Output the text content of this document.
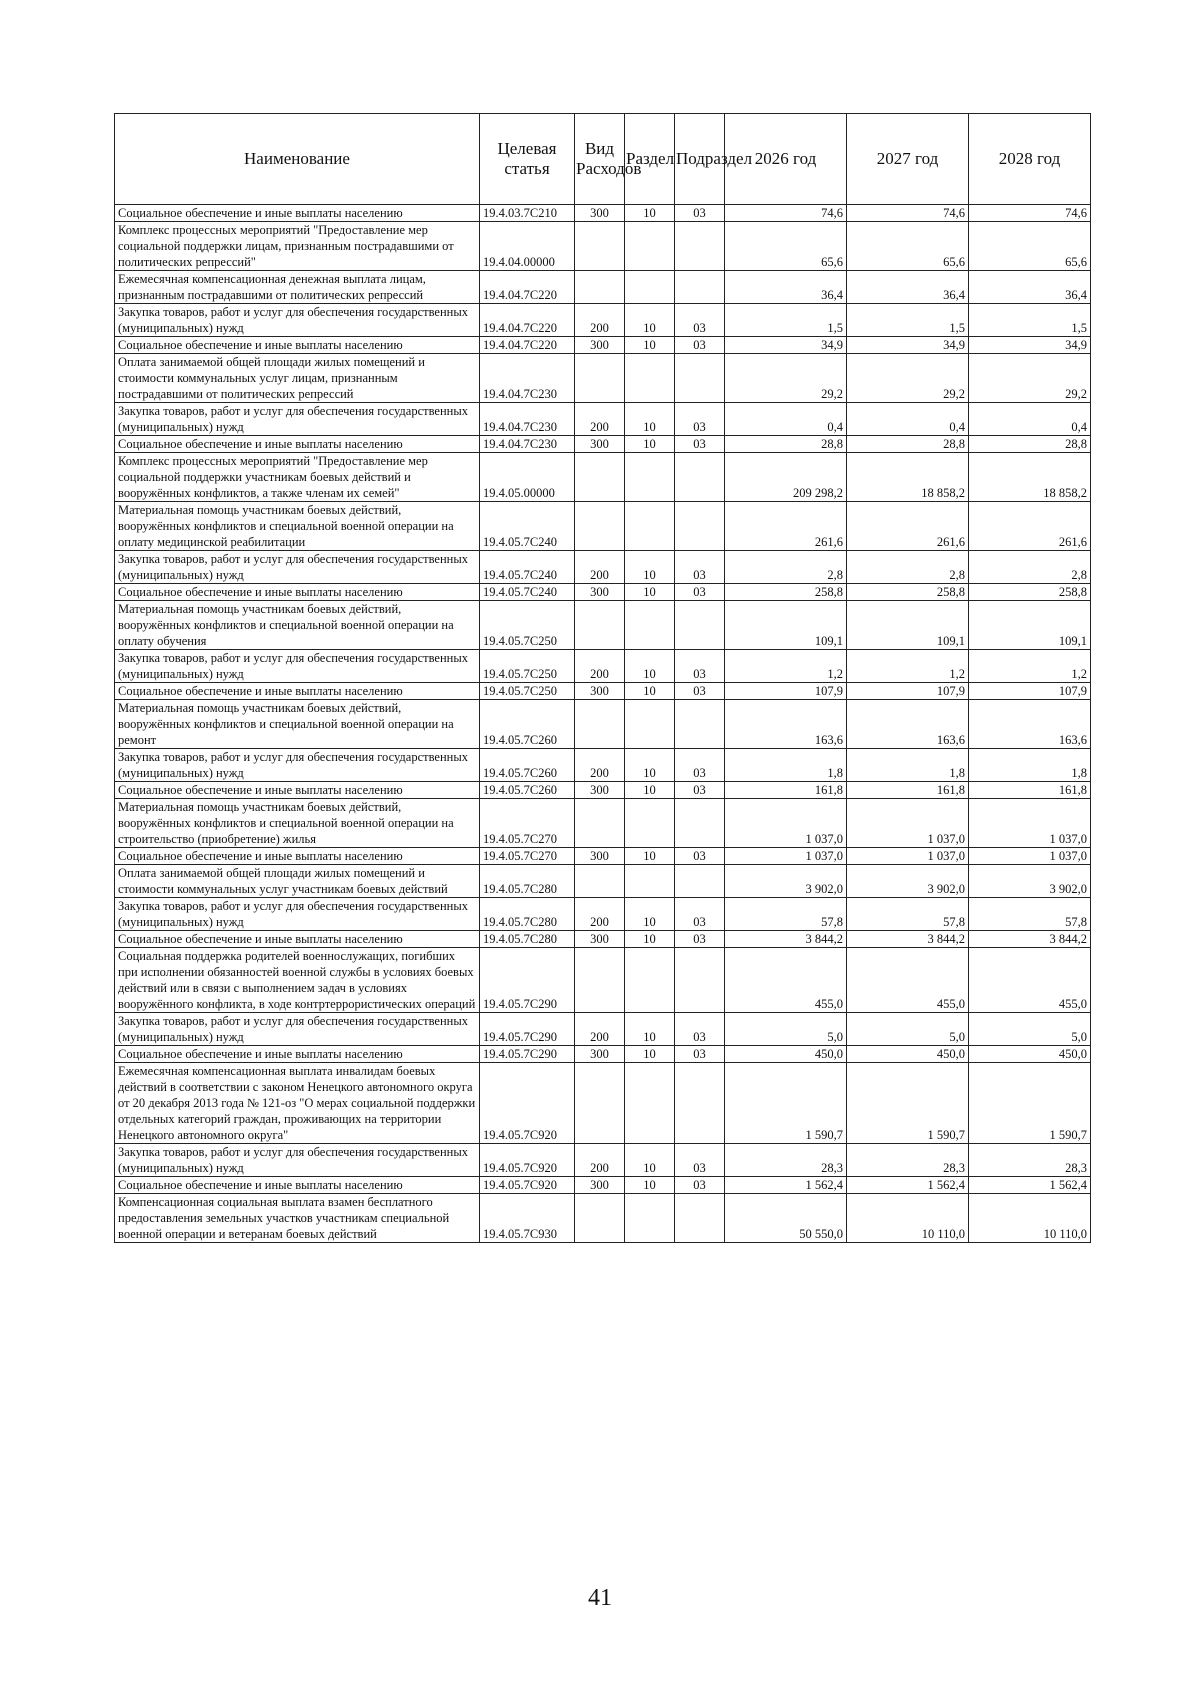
Наименование	Целевая статья	Вид Расходов	Раздел	Подраздел	2026 год	2027 год	2028 год
Социальное обеспечение и иные выплаты населению	19.4.03.7C210	300	10	03	74,6	74,6	74,6
Комплекс процессных мероприятий "Предоставление мер социальной поддержки лицам, признанным пострадавшими от политических репрессий"	19.4.04.00000				65,6	65,6	65,6
Ежемесячная компенсационная денежная выплата лицам, признанным пострадавшими от политических репрессий	19.4.04.7C220				36,4	36,4	36,4
Закупка товаров, работ и услуг для обеспечения государственных (муниципальных) нужд	19.4.04.7C220	200	10	03	1,5	1,5	1,5
Социальное обеспечение и иные выплаты населению	19.4.04.7C220	300	10	03	34,9	34,9	34,9
Оплата занимаемой общей площади жилых помещений и стоимости коммунальных услуг лицам, признанным пострадавшими от политических репрессий	19.4.04.7C230				29,2	29,2	29,2
Закупка товаров, работ и услуг для обеспечения государственных (муниципальных) нужд	19.4.04.7C230	200	10	03	0,4	0,4	0,4
Социальное обеспечение и иные выплаты населению	19.4.04.7C230	300	10	03	28,8	28,8	28,8
Комплекс процессных мероприятий "Предоставление мер социальной поддержки участникам боевых действий и вооружённых конфликтов, а также членам их семей"	19.4.05.00000				209 298,2	18 858,2	18 858,2
Материальная помощь участникам боевых действий, вооружённых конфликтов и специальной военной операции на оплату медицинской реабилитации	19.4.05.7C240				261,6	261,6	261,6
Закупка товаров, работ и услуг для обеспечения государственных (муниципальных) нужд	19.4.05.7C240	200	10	03	2,8	2,8	2,8
Социальное обеспечение и иные выплаты населению	19.4.05.7C240	300	10	03	258,8	258,8	258,8
Материальная помощь участникам боевых действий, вооружённых конфликтов и специальной военной операции на оплату обучения	19.4.05.7C250				109,1	109,1	109,1
Закупка товаров, работ и услуг для обеспечения государственных (муниципальных) нужд	19.4.05.7C250	200	10	03	1,2	1,2	1,2
Социальное обеспечение и иные выплаты населению	19.4.05.7C250	300	10	03	107,9	107,9	107,9
Материальная помощь участникам боевых действий, вооружённых конфликтов и специальной военной операции на ремонт	19.4.05.7C260				163,6	163,6	163,6
Закупка товаров, работ и услуг для обеспечения государственных (муниципальных) нужд	19.4.05.7C260	200	10	03	1,8	1,8	1,8
Социальное обеспечение и иные выплаты населению	19.4.05.7C260	300	10	03	161,8	161,8	161,8
Материальная помощь участникам боевых действий, вооружённых конфликтов и специальной военной операции на строительство (приобретение) жилья	19.4.05.7C270				1 037,0	1 037,0	1 037,0
Социальное обеспечение и иные выплаты населению	19.4.05.7C270	300	10	03	1 037,0	1 037,0	1 037,0
Оплата занимаемой общей площади жилых помещений и стоимости коммунальных услуг участникам боевых действий	19.4.05.7C280				3 902,0	3 902,0	3 902,0
Закупка товаров, работ и услуг для обеспечения государственных (муниципальных) нужд	19.4.05.7C280	200	10	03	57,8	57,8	57,8
Социальное обеспечение и иные выплаты населению	19.4.05.7C280	300	10	03	3 844,2	3 844,2	3 844,2
Социальная поддержка родителей военнослужащих, погибших при исполнении обязанностей военной службы в условиях боевых действий или в связи с выполнением задач в условиях вооружённого конфликта, в ходе контртеррористических операций	19.4.05.7C290				455,0	455,0	455,0
Закупка товаров, работ и услуг для обеспечения государственных (муниципальных) нужд	19.4.05.7C290	200	10	03	5,0	5,0	5,0
Социальное обеспечение и иные выплаты населению	19.4.05.7C290	300	10	03	450,0	450,0	450,0
Ежемесячная компенсационная выплата инвалидам боевых действий в соответствии с законом Ненецкого автономного округа от 20 декабря 2013 года № 121-оз "О мерах социальной поддержки отдельных категорий граждан, проживающих на территории Ненецкого автономного округа"	19.4.05.7C920				1 590,7	1 590,7	1 590,7
Закупка товаров, работ и услуг для обеспечения государственных (муниципальных) нужд	19.4.05.7C920	200	10	03	28,3	28,3	28,3
Социальное обеспечение и иные выплаты населению	19.4.05.7C920	300	10	03	1 562,4	1 562,4	1 562,4
Компенсационная социальная выплата взамен бесплатного предоставления земельных участков участникам специальной военной операции и ветеранам боевых действий	19.4.05.7C930				50 550,0	10 110,0	10 110,0
41
